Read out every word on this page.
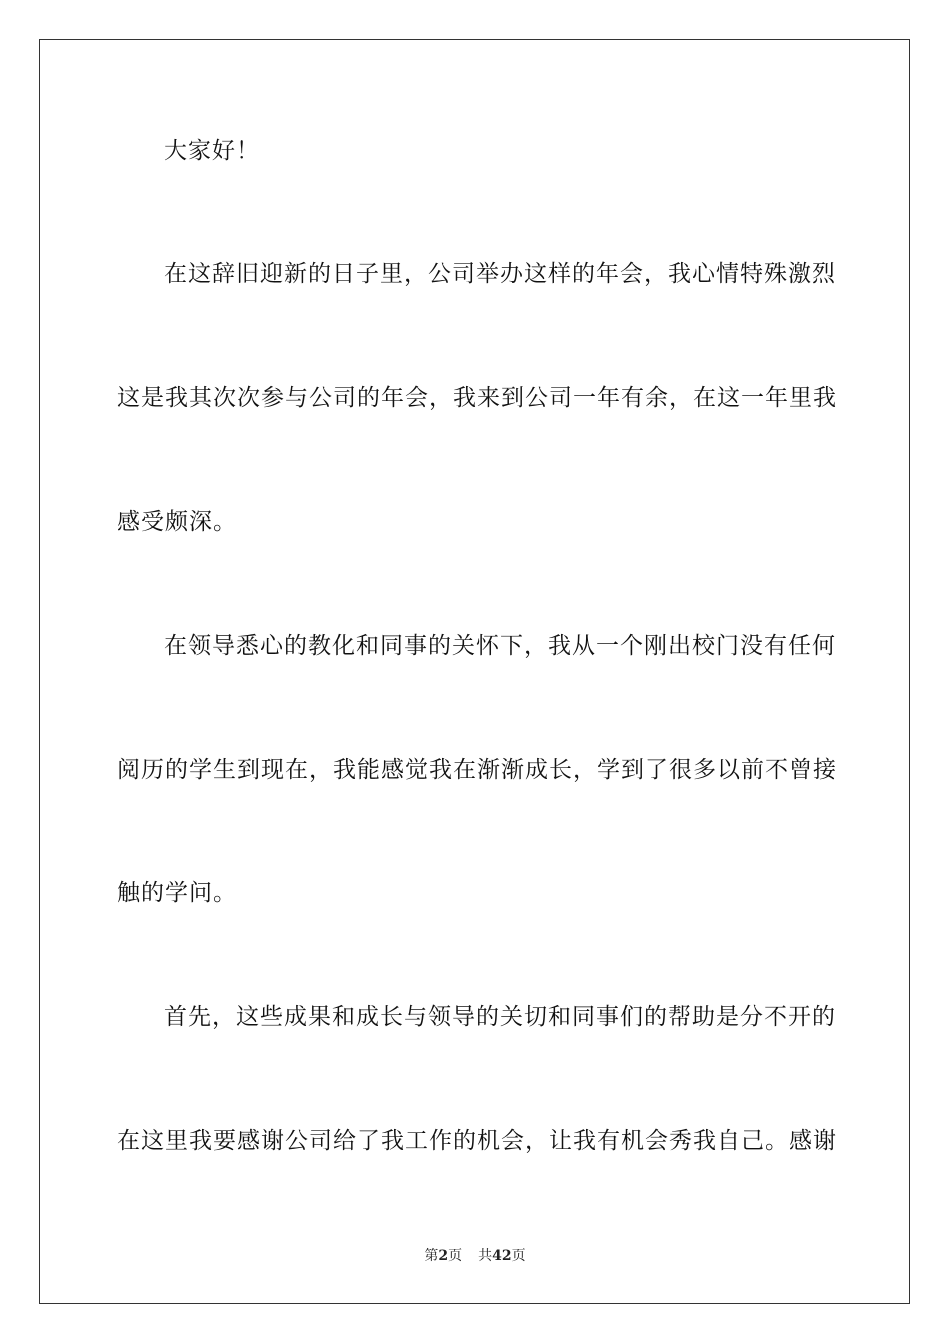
大家好！
在这辞旧迎新的日子里，公司举办这样的年会，我心情特殊激烈
这是我其次次参与公司的年会，我来到公司一年有余，在这一年里我
感受颇深。
在领导悉心的教化和同事的关怀下，我从一个刚出校门没有任何
阅历的学生到现在，我能感觉我在渐渐成长，学到了很多以前不曾接
触的学问。
首先，这些成果和成长与领导的关切和同事们的帮助是分不开的
在这里我要感谢公司给了我工作的机会，让我有机会秀我自己。感谢
第2页 共42页
